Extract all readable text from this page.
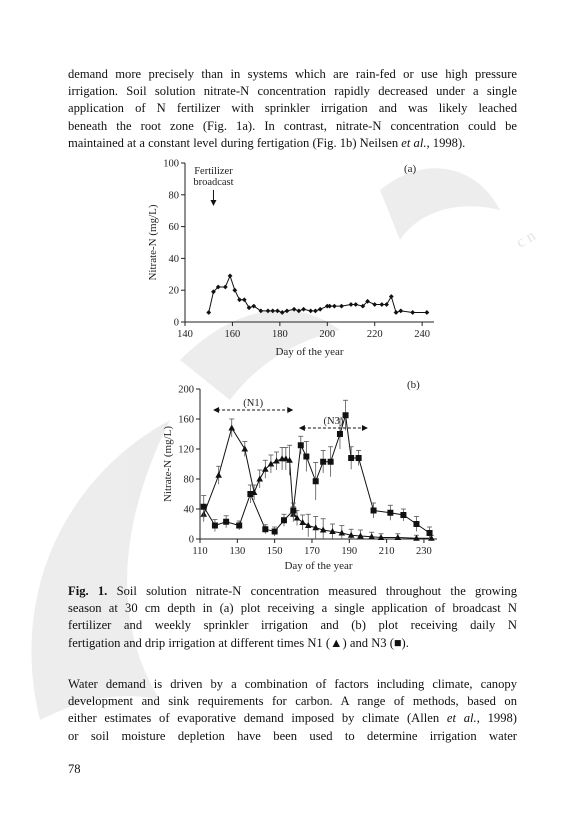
c n

demand more precisely than in systems which are rain-fed or use high pressure
irrigation. Soil solution nitrate-N concentration rapidly decreased under a single
application of N fertilizer with sprinkler irrigation and was likely leached
beneath the root zone (Fig. 1a). In contrast, nitrate-N concentration could be
maintained at a constant level during fertigation (Fig. 1b) Neilsen et al., 1998).

0
20
40
60
80
100
140	160	180	200	220	240
Day of the year
Nitrate-N (mg/L)
(a)
Fertilizer
broadcast
0
40
80
120
160
200
110 130 150 170 190 210 230
Day of the year
Nitrate-N (mg/L)
(b)
(N1)
(N3)

Fig. 1. Soil solution nitrate-N concentration measured throughout the growing
season at 30 cm depth in (a) plot receiving a single application of broadcast N
fertilizer and weekly sprinkler irrigation and (b) plot receiving daily N
fertigation and drip irrigation at different times N1 (▲) and N3 (■).

Water demand is driven by a combination of factors including climate, canopy
development and sink requirements for carbon. A range of methods, based on
either estimates of evaporative demand imposed by climate (Allen et al., 1998)
or soil moisture depletion have been used to determine irrigation water

78
